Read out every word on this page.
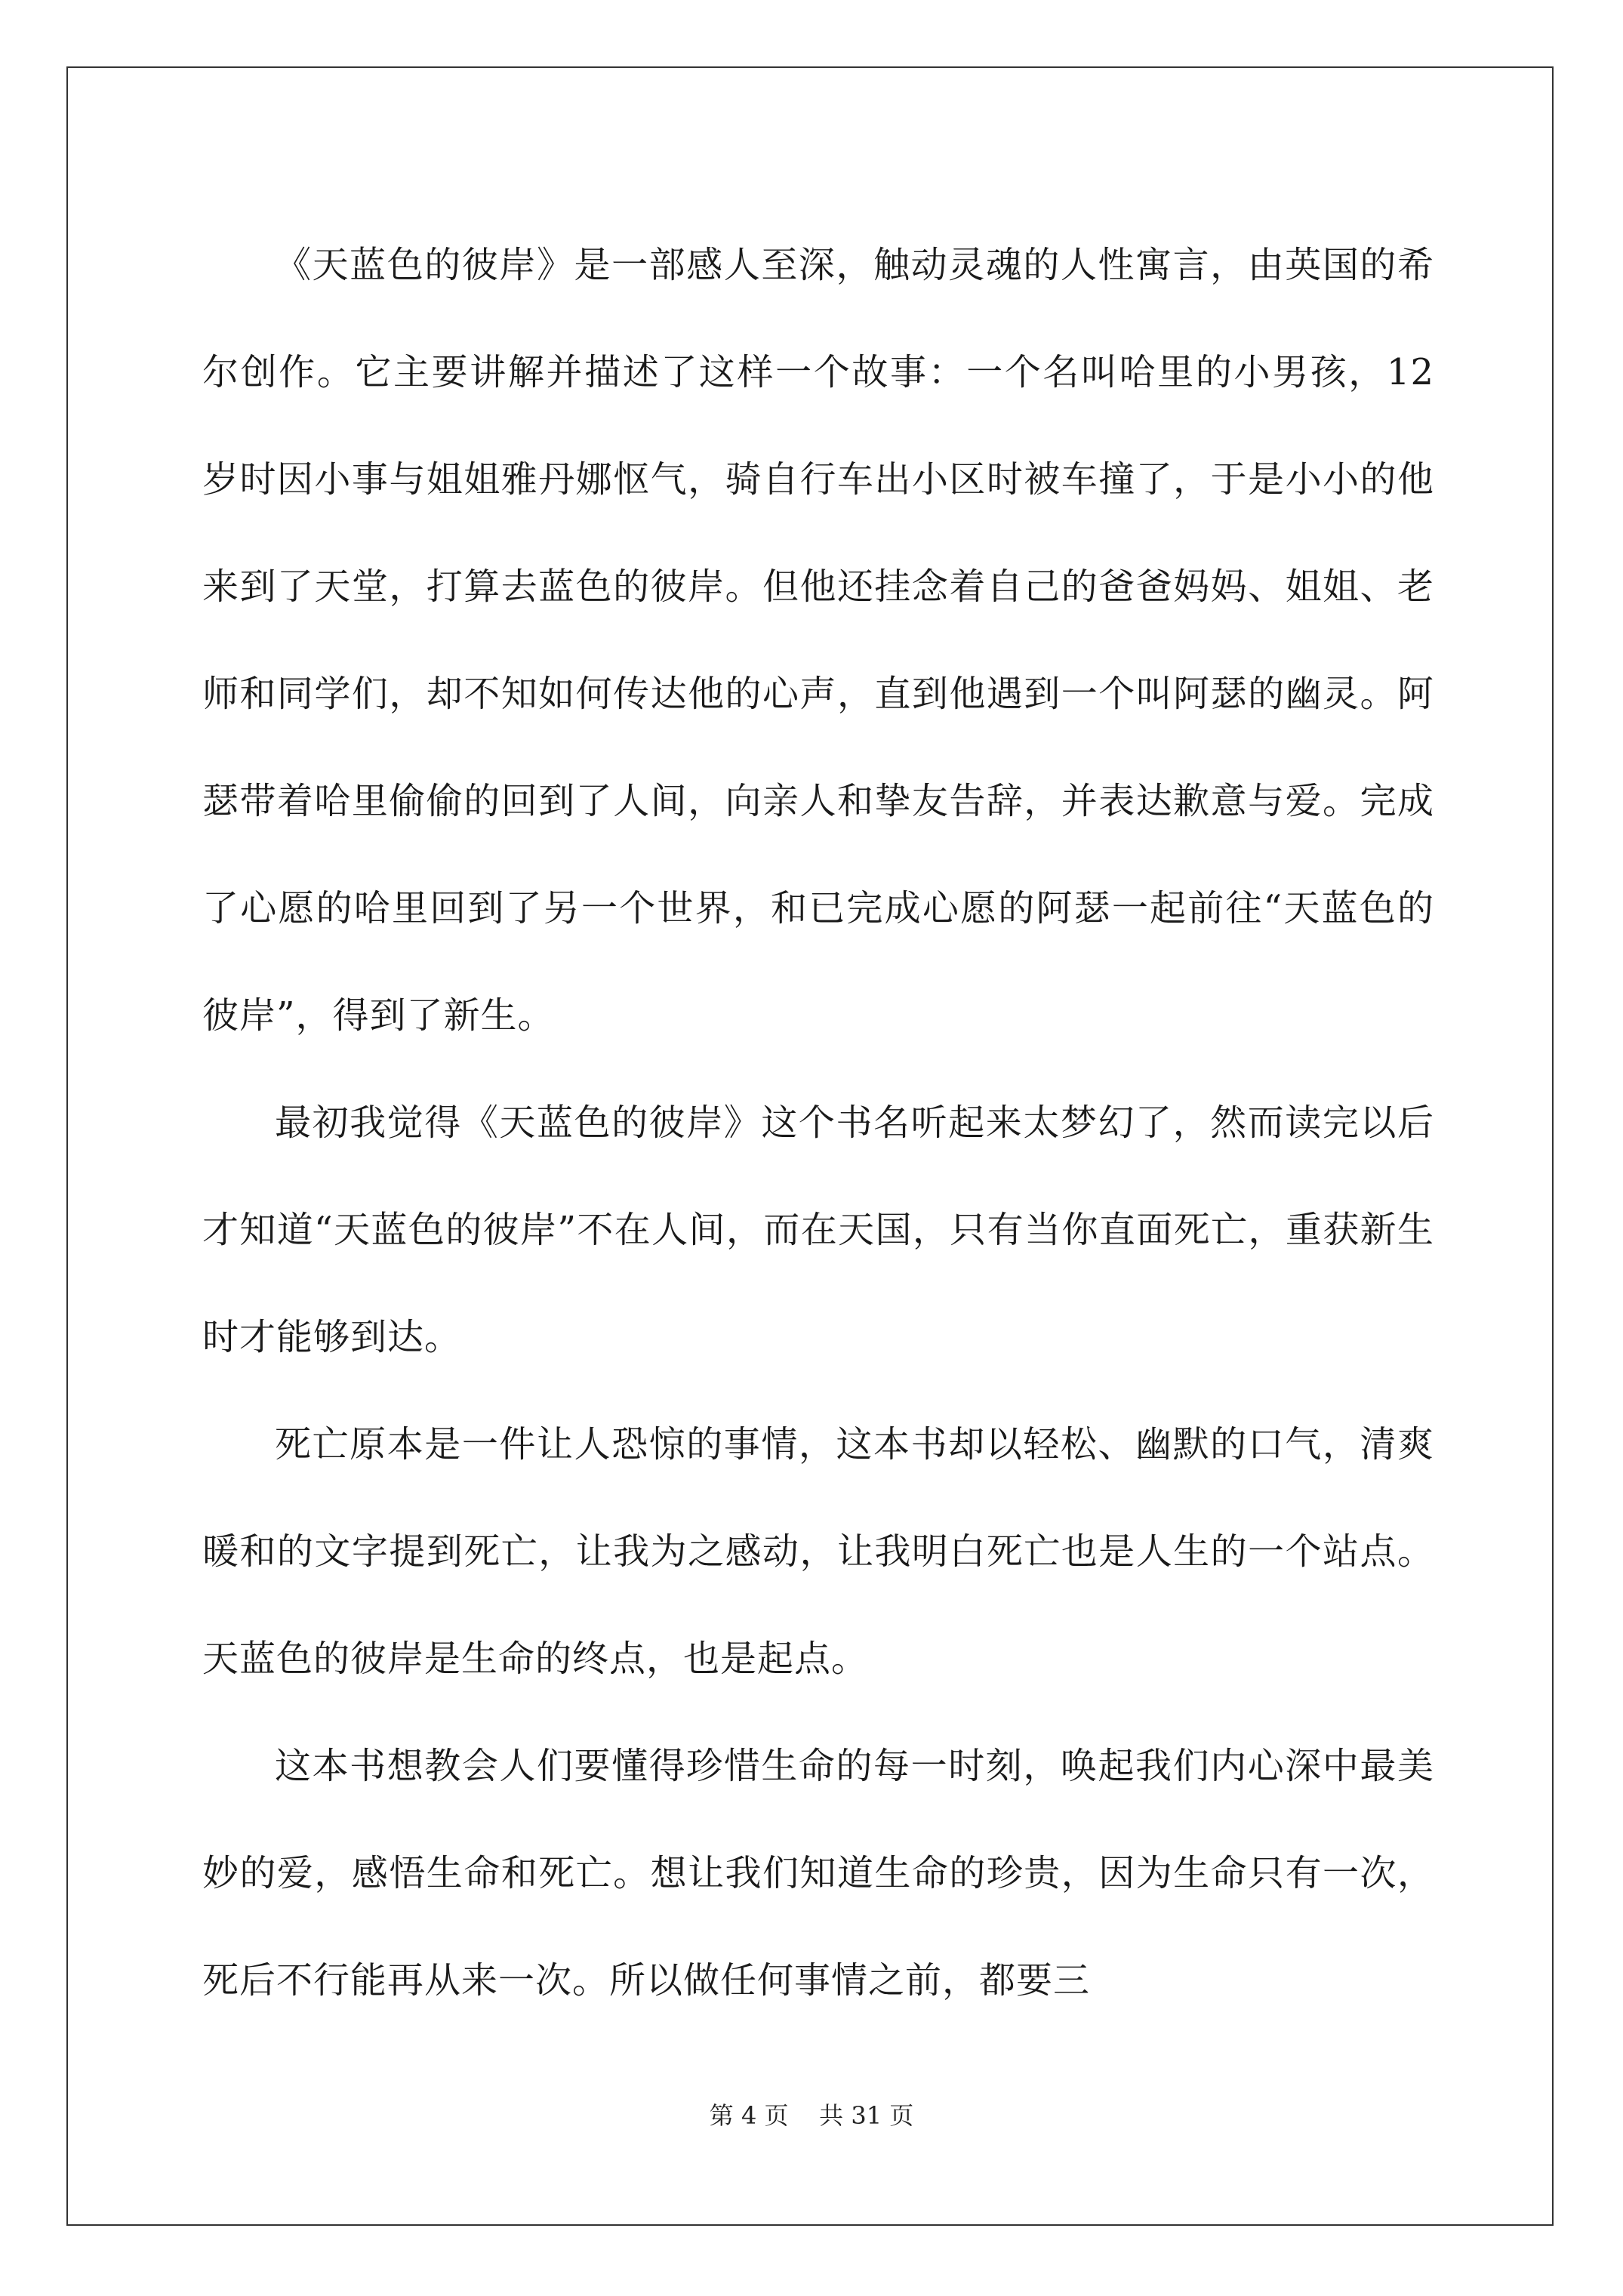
《天蓝色的彼岸》是一部感人至深，触动灵魂的人性寓言，由英国的希尔创作。它主要讲解并描述了这样一个故事：一个名叫哈里的小男孩，12 岁时因小事与姐姐雅丹娜怄气，骑自行车出小区时被车撞了，于是小小的他来到了天堂，打算去蓝色的彼岸。但他还挂念着自己的爸爸妈妈、姐姐、老师和同学们，却不知如何传达他的心声，直到他遇到一个叫阿瑟的幽灵。阿瑟带着哈里偷偷的回到了人间，向亲人和挚友告辞，并表达歉意与爱。完成了心愿的哈里回到了另一个世界，和已完成心愿的阿瑟一起前往“天蓝色的彼岸”，得到了新生。

最初我觉得《天蓝色的彼岸》这个书名听起来太梦幻了，然而读完以后才知道“天蓝色的彼岸”不在人间，而在天国，只有当你直面死亡，重获新生时才能够到达。

死亡原本是一件让人恐惊的事情，这本书却以轻松、幽默的口气，清爽暖和的文字提到死亡，让我为之感动，让我明白死亡也是人生的一个站点。天蓝色的彼岸是生命的终点，也是起点。

这本书想教会人们要懂得珍惜生命的每一时刻，唤起我们内心深中最美妙的爱，感悟生命和死亡。想让我们知道生命的珍贵，因为生命只有一次，死后不行能再从来一次。所以做任何事情之前，都要三

第 4 页    共 31 页
